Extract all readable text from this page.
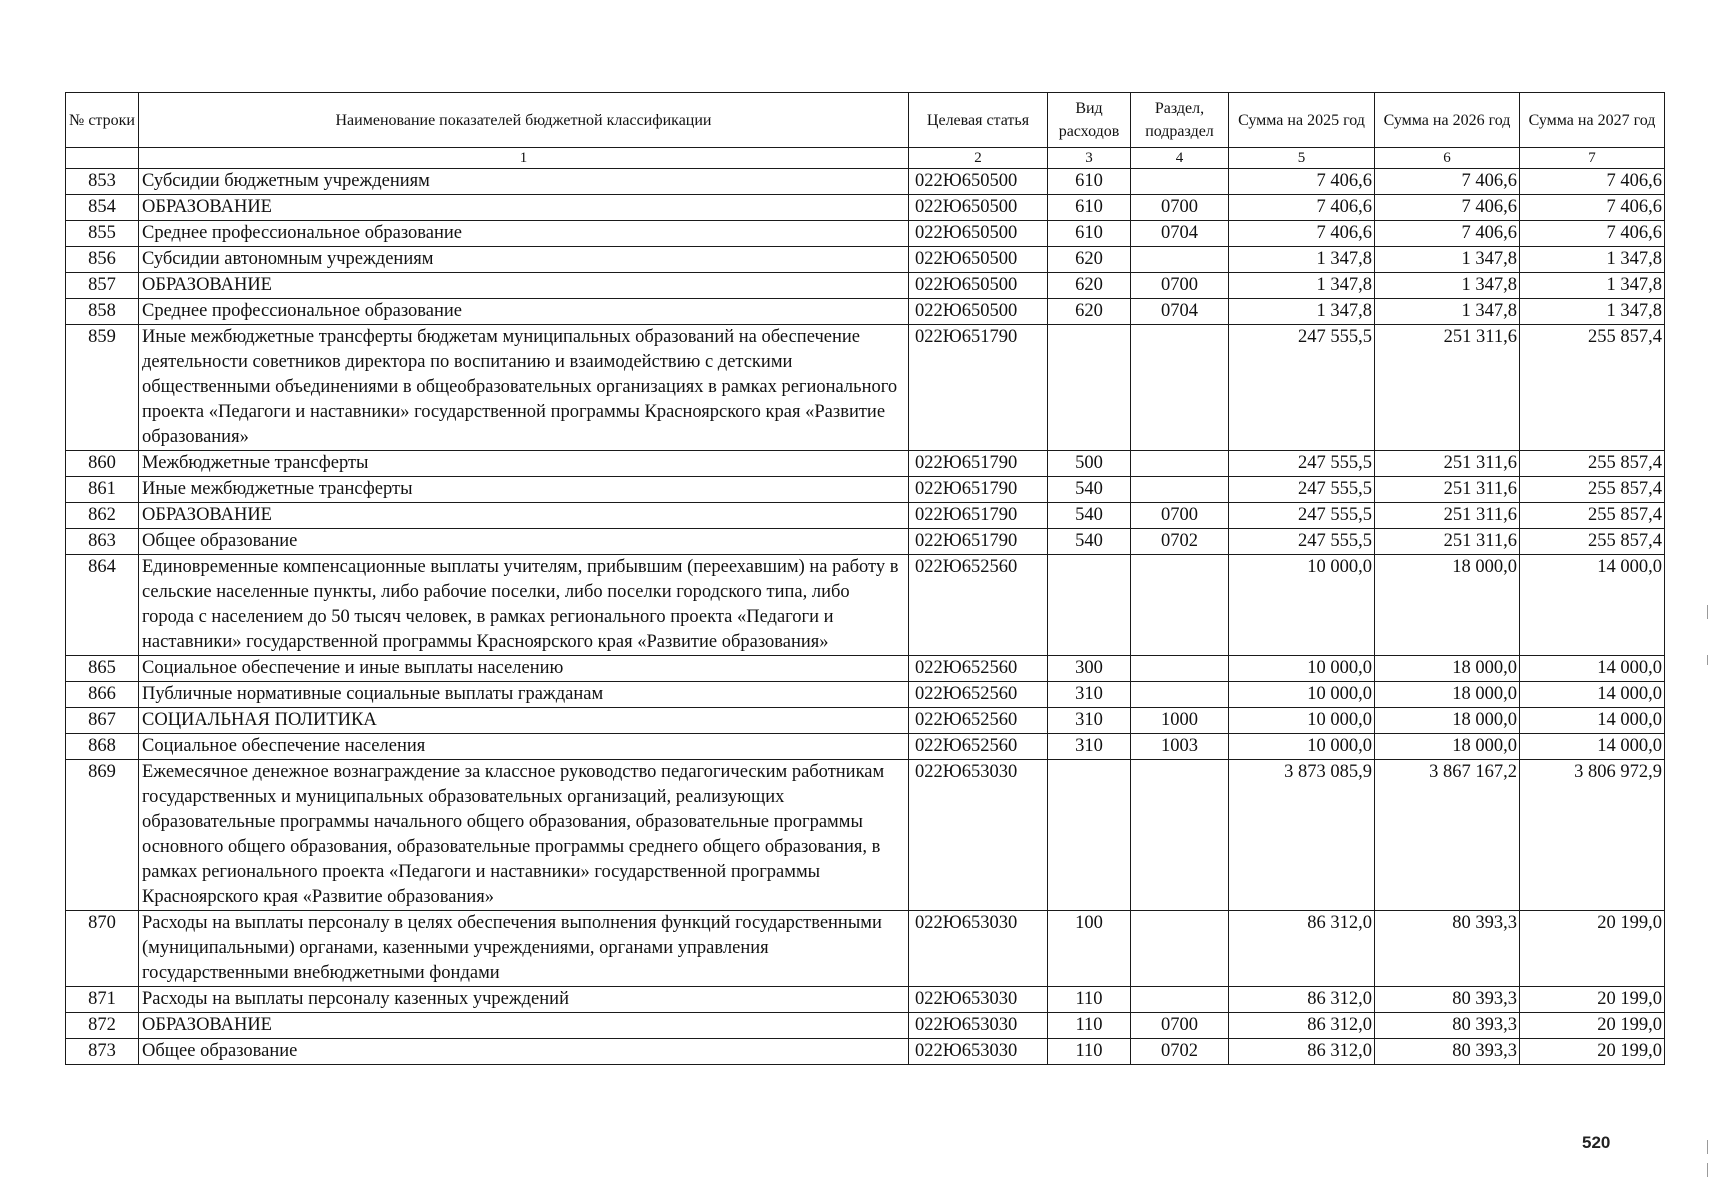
№ строки	Наименование показателей бюджетной классификации	Целевая статья	Вид расходов	Раздел, подраздел	Сумма на 2025 год	Сумма на 2026 год	Сумма на 2027 год
	1	2	3	4	5	6	7
853	Субсидии бюджетным учреждениям	022Ю650500	610		7 406,6	7 406,6	7 406,6
854	ОБРАЗОВАНИЕ	022Ю650500	610	0700	7 406,6	7 406,6	7 406,6
855	Среднее профессиональное образование	022Ю650500	610	0704	7 406,6	7 406,6	7 406,6
856	Субсидии автономным учреждениям	022Ю650500	620		1 347,8	1 347,8	1 347,8
857	ОБРАЗОВАНИЕ	022Ю650500	620	0700	1 347,8	1 347,8	1 347,8
858	Среднее профессиональное образование	022Ю650500	620	0704	1 347,8	1 347,8	1 347,8
859	Иные межбюджетные трансферты бюджетам муниципальных образований на обеспечение деятельности советников директора по воспитанию и взаимодействию с детскими общественными объединениями в общеобразовательных организациях в рамках регионального проекта «Педагоги и наставники» государственной программы Красноярского края «Развитие образования»	022Ю651790			247 555,5	251 311,6	255 857,4
860	Межбюджетные трансферты	022Ю651790	500		247 555,5	251 311,6	255 857,4
861	Иные межбюджетные трансферты	022Ю651790	540		247 555,5	251 311,6	255 857,4
862	ОБРАЗОВАНИЕ	022Ю651790	540	0700	247 555,5	251 311,6	255 857,4
863	Общее образование	022Ю651790	540	0702	247 555,5	251 311,6	255 857,4
864	Единовременные компенсационные выплаты учителям, прибывшим (переехавшим) на работу в сельские населенные пункты, либо рабочие поселки, либо поселки городского типа, либо города с населением до 50 тысяч человек, в рамках регионального проекта «Педагоги и наставники» государственной программы Красноярского края «Развитие образования»	022Ю652560			10 000,0	18 000,0	14 000,0
865	Социальное обеспечение и иные выплаты населению	022Ю652560	300		10 000,0	18 000,0	14 000,0
866	Публичные нормативные социальные выплаты гражданам	022Ю652560	310		10 000,0	18 000,0	14 000,0
867	СОЦИАЛЬНАЯ ПОЛИТИКА	022Ю652560	310	1000	10 000,0	18 000,0	14 000,0
868	Социальное обеспечение населения	022Ю652560	310	1003	10 000,0	18 000,0	14 000,0
869	Ежемесячное денежное вознаграждение за классное руководство педагогическим работникам государственных и муниципальных образовательных организаций, реализующих образовательные программы начального общего образования, образовательные программы основного общего образования, образовательные программы среднего общего образования, в рамках регионального проекта «Педагоги и наставники» государственной программы Красноярского края «Развитие образования»	022Ю653030			3 873 085,9	3 867 167,2	3 806 972,9
870	Расходы на выплаты персоналу в целях обеспечения выполнения функций государственными (муниципальными) органами, казенными учреждениями, органами управления государственными внебюджетными фондами	022Ю653030	100		86 312,0	80 393,3	20 199,0
871	Расходы на выплаты персоналу казенных учреждений	022Ю653030	110		86 312,0	80 393,3	20 199,0
872	ОБРАЗОВАНИЕ	022Ю653030	110	0700	86 312,0	80 393,3	20 199,0
873	Общее образование	022Ю653030	110	0702	86 312,0	80 393,3	20 199,0
520
